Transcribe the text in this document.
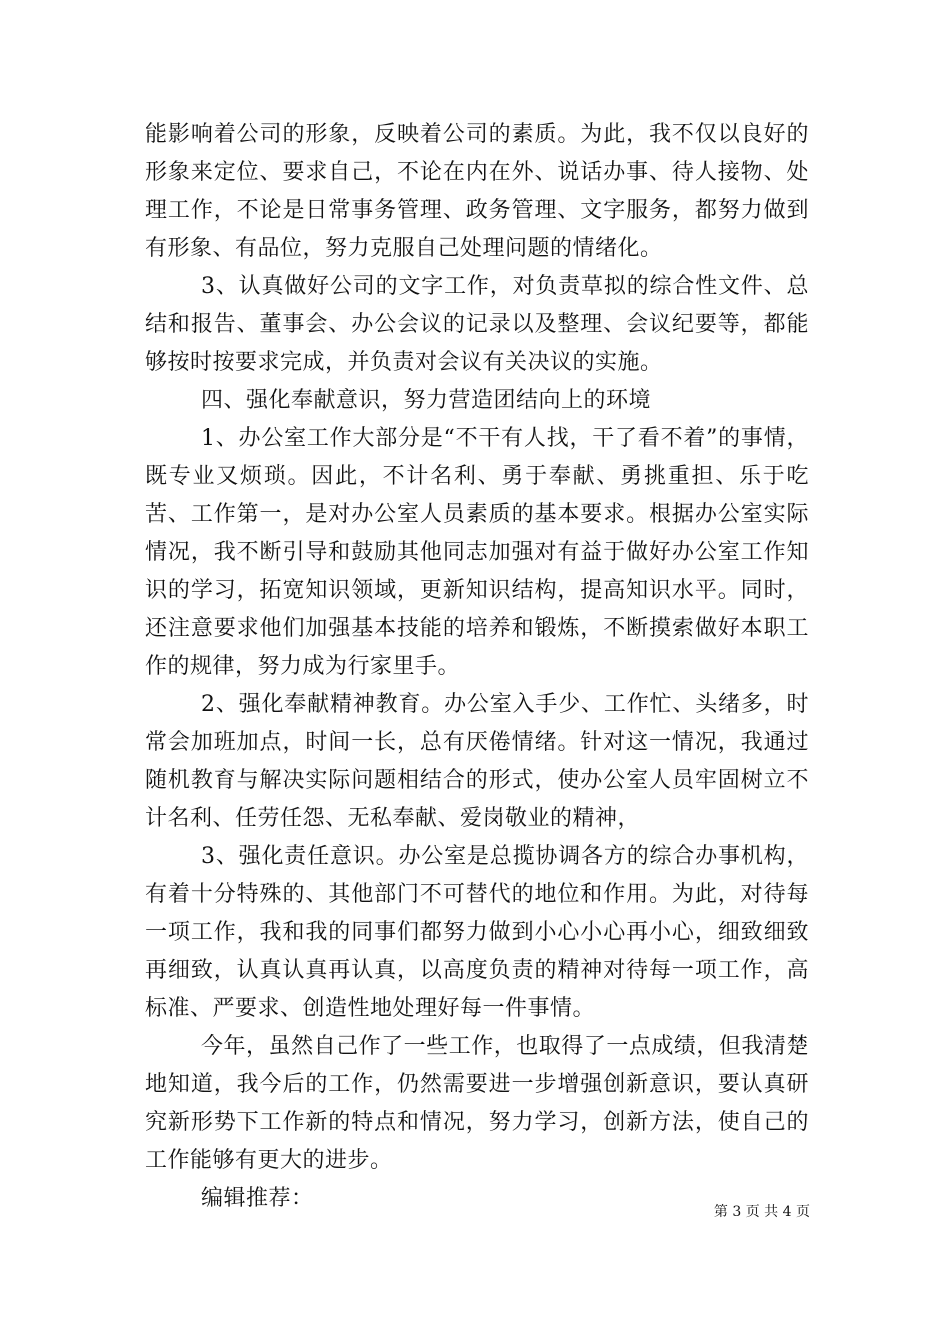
能影响着公司的形象，反映着公司的素质。为此，我不仅以良好的形象来定位、要求自己，不论在内在外、说话办事、待人接物、处理工作，不论是日常事务管理、政务管理、文字服务，都努力做到有形象、有品位，努力克服自己处理问题的情绪化。

3、认真做好公司的文字工作，对负责草拟的综合性文件、总结和报告、董事会、办公会议的记录以及整理、会议纪要等，都能够按时按要求完成，并负责对会议有关决议的实施。

四、强化奉献意识，努力营造团结向上的环境

1、办公室工作大部分是“不干有人找，干了看不着”的事情，既专业又烦琐。因此，不计名利、勇于奉献、勇挑重担、乐于吃苦、工作第一，是对办公室人员素质的基本要求。根据办公室实际情况，我不断引导和鼓励其他同志加强对有益于做好办公室工作知识的学习，拓宽知识领域，更新知识结构，提高知识水平。同时，还注意要求他们加强基本技能的培养和锻炼，不断摸索做好本职工作的规律，努力成为行家里手。

2、强化奉献精神教育。办公室入手少、工作忙、头绪多，时常会加班加点，时间一长，总有厌倦情绪。针对这一情况，我通过随机教育与解决实际问题相结合的形式，使办公室人员牢固树立不计名利、任劳任怨、无私奉献、爱岗敬业的精神，

3、强化责任意识。办公室是总揽协调各方的综合办事机构，有着十分特殊的、其他部门不可替代的地位和作用。为此，对待每一项工作，我和我的同事们都努力做到小心小心再小心，细致细致再细致，认真认真再认真，以高度负责的精神对待每一项工作，高标准、严要求、创造性地处理好每一件事情。

今年，虽然自己作了一些工作，也取得了一点成绩，但我清楚地知道，我今后的工作，仍然需要进一步增强创新意识，要认真研究新形势下工作新的特点和情况，努力学习，创新方法，使自己的工作能够有更大的进步。

编辑推荐：

第 3 页 共 4 页
